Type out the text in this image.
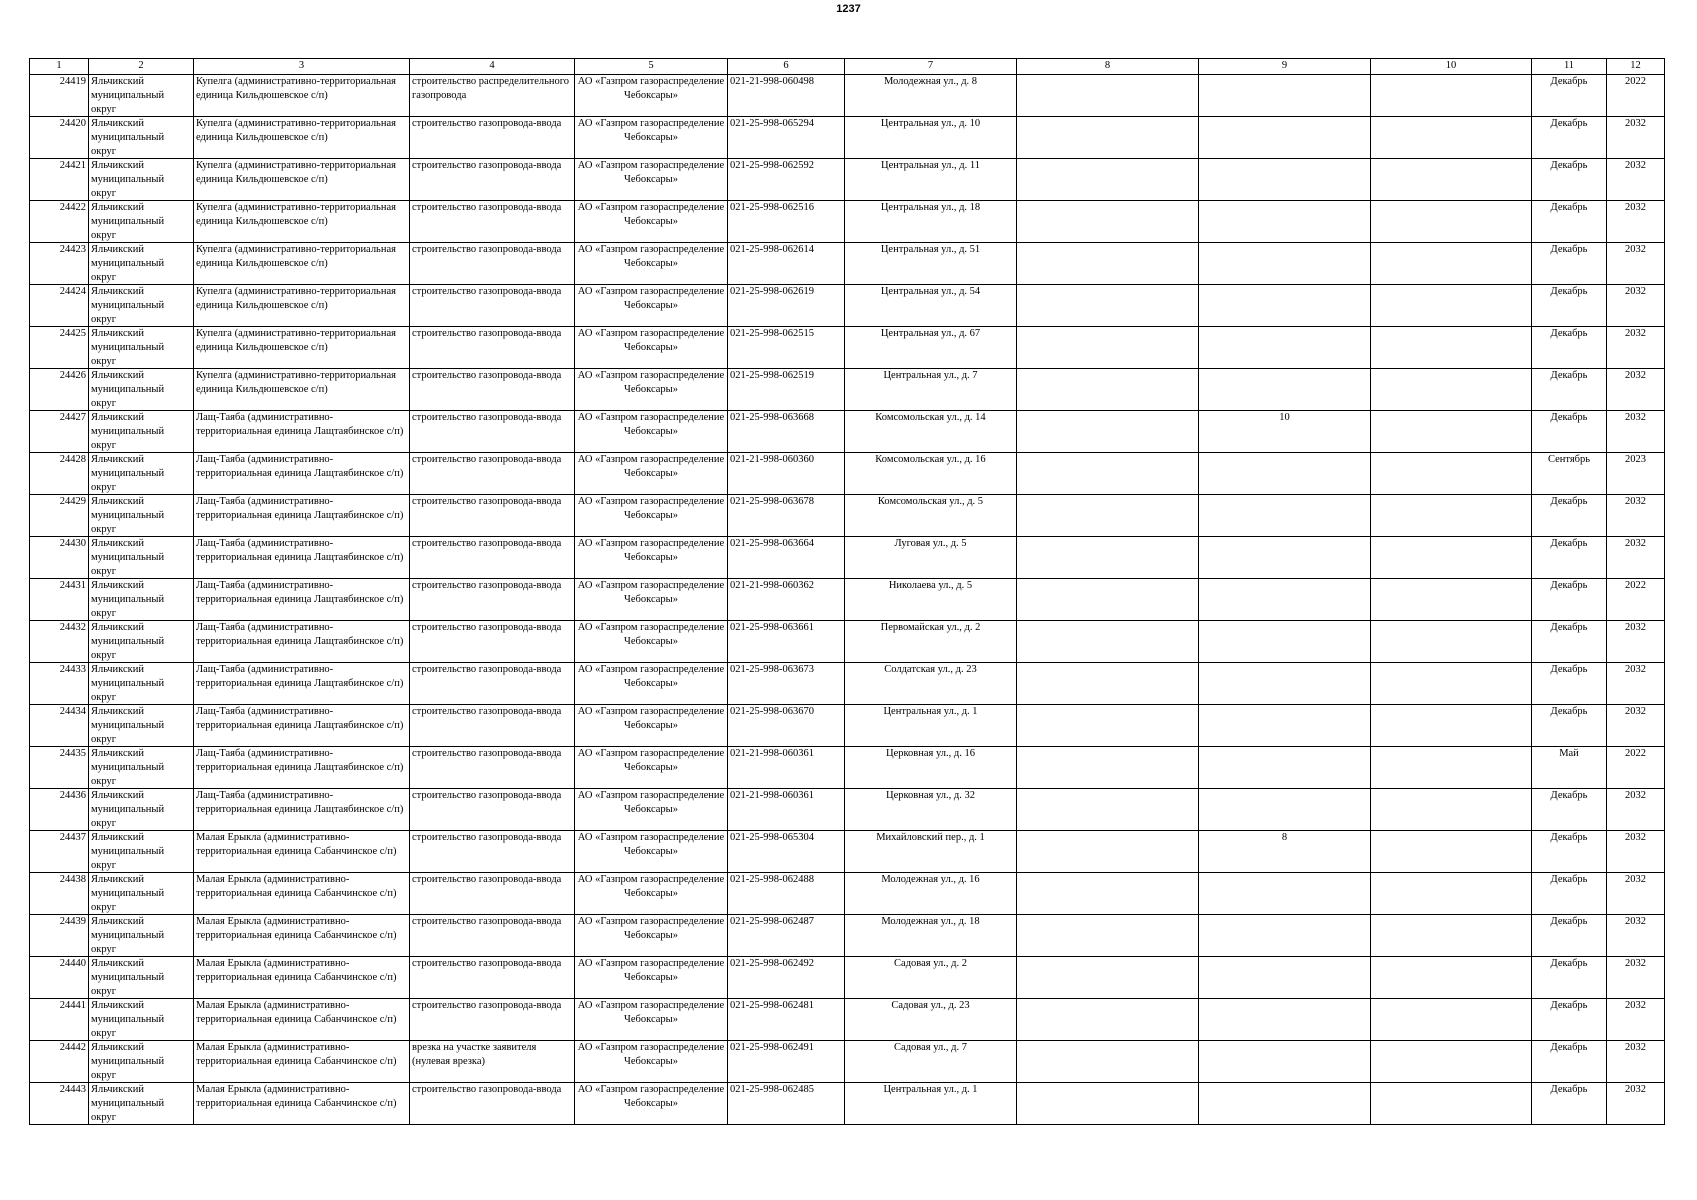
1237
1	2	3	4	5	6	7	8	9	10	11	12

24419	Яльчикский муниципальный округ	Купелга (административно-территориальная единица Кильдюшевское с/п)	строительство распределительного газопровода	АО «Газпром газораспределение Чебоксары»	021-21-998-060498	Молодежная ул., д. 8				Декабрь	2022

24420	Яльчикский муниципальный округ	Купелга (административно-территориальная единица Кильдюшевское с/п)	строительство газопровода-ввода	АО «Газпром газораспределение Чебоксары»	021-25-998-065294	Центральная ул., д. 10				Декабрь	2032

24421	Яльчикский муниципальный округ	Купелга (административно-территориальная единица Кильдюшевское с/п)	строительство газопровода-ввода	АО «Газпром газораспределение Чебоксары»	021-25-998-062592	Центральная ул., д. 11				Декабрь	2032

24422	Яльчикский муниципальный округ	Купелга (административно-территориальная единица Кильдюшевское с/п)	строительство газопровода-ввода	АО «Газпром газораспределение Чебоксары»	021-25-998-062516	Центральная ул., д. 18				Декабрь	2032

24423	Яльчикский муниципальный округ	Купелга (административно-территориальная единица Кильдюшевское с/п)	строительство газопровода-ввода	АО «Газпром газораспределение Чебоксары»	021-25-998-062614	Центральная ул., д. 51				Декабрь	2032

24424	Яльчикский муниципальный округ	Купелга (административно-территориальная единица Кильдюшевское с/п)	строительство газопровода-ввода	АО «Газпром газораспределение Чебоксары»	021-25-998-062619	Центральная ул., д. 54				Декабрь	2032

24425	Яльчикский муниципальный округ	Купелга (административно-территориальная единица Кильдюшевское с/п)	строительство газопровода-ввода	АО «Газпром газораспределение Чебоксары»	021-25-998-062515	Центральная ул., д. 67				Декабрь	2032

24426	Яльчикский муниципальный округ	Купелга (административно-территориальная единица Кильдюшевское с/п)	строительство газопровода-ввода	АО «Газпром газораспределение Чебоксары»	021-25-998-062519	Центральная ул., д. 7				Декабрь	2032

24427	Яльчикский муниципальный округ	Лащ-Таяба (административно-территориальная единица Лащтаябинское с/п)	строительство газопровода-ввода	АО «Газпром газораспределение Чебоксары»	021-25-998-063668	Комсомольская ул., д. 14		10		Декабрь	2032

24428	Яльчикский муниципальный округ	Лащ-Таяба (административно-территориальная единица Лащтаябинское с/п)	строительство газопровода-ввода	АО «Газпром газораспределение Чебоксары»	021-21-998-060360	Комсомольская ул., д. 16				Сентябрь	2023

24429	Яльчикский муниципальный округ	Лащ-Таяба (административно-территориальная единица Лащтаябинское с/п)	строительство газопровода-ввода	АО «Газпром газораспределение Чебоксары»	021-25-998-063678	Комсомольская ул., д. 5				Декабрь	2032

24430	Яльчикский муниципальный округ	Лащ-Таяба (административно-территориальная единица Лащтаябинское с/п)	строительство газопровода-ввода	АО «Газпром газораспределение Чебоксары»	021-25-998-063664	Луговая ул., д. 5				Декабрь	2032

24431	Яльчикский муниципальный округ	Лащ-Таяба (административно-территориальная единица Лащтаябинское с/п)	строительство газопровода-ввода	АО «Газпром газораспределение Чебоксары»	021-21-998-060362	Николаева ул., д. 5				Декабрь	2022

24432	Яльчикский муниципальный округ	Лащ-Таяба (административно-территориальная единица Лащтаябинское с/п)	строительство газопровода-ввода	АО «Газпром газораспределение Чебоксары»	021-25-998-063661	Первомайская ул., д. 2				Декабрь	2032

24433	Яльчикский муниципальный округ	Лащ-Таяба (административно-территориальная единица Лащтаябинское с/п)	строительство газопровода-ввода	АО «Газпром газораспределение Чебоксары»	021-25-998-063673	Солдатская ул., д. 23				Декабрь	2032

24434	Яльчикский муниципальный округ	Лащ-Таяба (административно-территориальная единица Лащтаябинское с/п)	строительство газопровода-ввода	АО «Газпром газораспределение Чебоксары»	021-25-998-063670	Центральная ул., д. 1				Декабрь	2032

24435	Яльчикский муниципальный округ	Лащ-Таяба (административно-территориальная единица Лащтаябинское с/п)	строительство газопровода-ввода	АО «Газпром газораспределение Чебоксары»	021-21-998-060361	Церковная ул., д. 16				Май	2022

24436	Яльчикский муниципальный округ	Лащ-Таяба (административно-территориальная единица Лащтаябинское с/п)	строительство газопровода-ввода	АО «Газпром газораспределение Чебоксары»	021-21-998-060361	Церковная ул., д. 32				Декабрь	2032

24437	Яльчикский муниципальный округ	Малая Ерыкла (административно-территориальная единица Сабанчинское с/п)	строительство газопровода-ввода	АО «Газпром газораспределение Чебоксары»	021-25-998-065304	Михайловский пер., д. 1		8		Декабрь	2032

24438	Яльчикский муниципальный округ	Малая Ерыкла (административно-территориальная единица Сабанчинское с/п)	строительство газопровода-ввода	АО «Газпром газораспределение Чебоксары»	021-25-998-062488	Молодежная ул., д. 16				Декабрь	2032

24439	Яльчикский муниципальный округ	Малая Ерыкла (административно-территориальная единица Сабанчинское с/п)	строительство газопровода-ввода	АО «Газпром газораспределение Чебоксары»	021-25-998-062487	Молодежная ул., д. 18				Декабрь	2032

24440	Яльчикский муниципальный округ	Малая Ерыкла (административно-территориальная единица Сабанчинское с/п)	строительство газопровода-ввода	АО «Газпром газораспределение Чебоксары»	021-25-998-062492	Садовая ул., д. 2				Декабрь	2032

24441	Яльчикский муниципальный округ	Малая Ерыкла (административно-территориальная единица Сабанчинское с/п)	строительство газопровода-ввода	АО «Газпром газораспределение Чебоксары»	021-25-998-062481	Садовая ул., д. 23				Декабрь	2032

24442	Яльчикский муниципальный округ	Малая Ерыкла (административно-территориальная единица Сабанчинское с/п)	врезка на участке заявителя (нулевая врезка)	АО «Газпром газораспределение Чебоксары»	021-25-998-062491	Садовая ул., д. 7				Декабрь	2032

24443	Яльчикский муниципальный округ	Малая Ерыкла (административно-территориальная единица Сабанчинское с/п)	строительство газопровода-ввода	АО «Газпром газораспределение Чебоксары»	021-25-998-062485	Центральная ул., д. 1				Декабрь	2032
